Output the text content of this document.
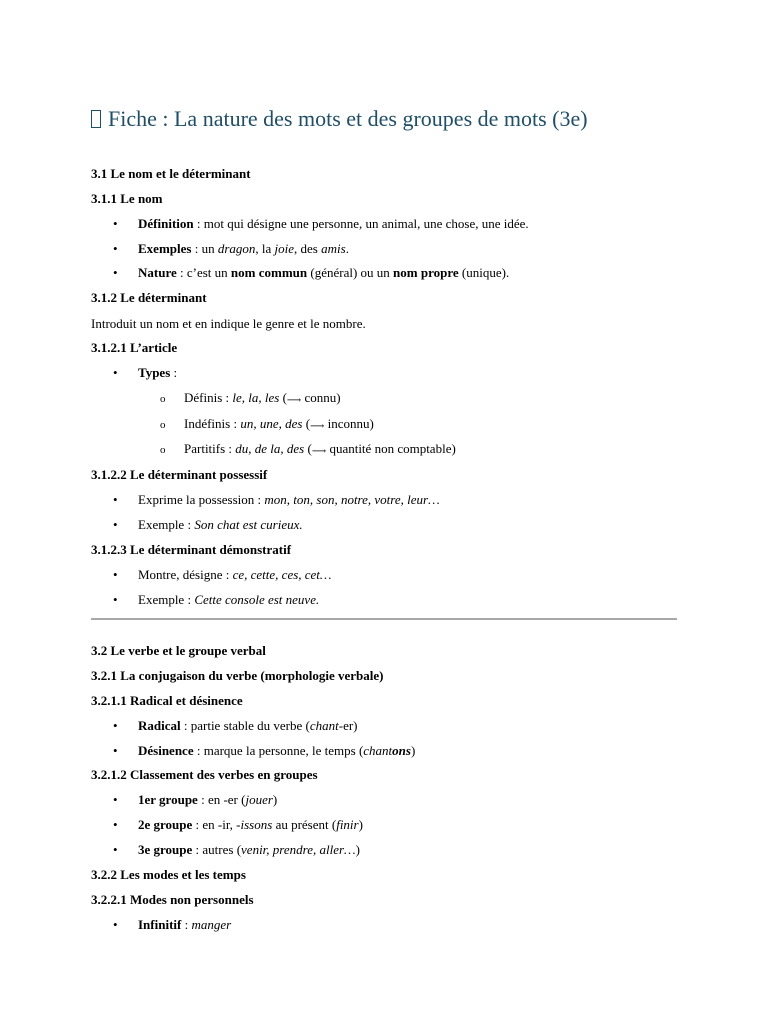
Fiche : La nature des mots et des groupes de mots (3e)
3.1 Le nom et le déterminant
3.1.1 Le nom
•Définition : mot qui désigne une personne, un animal, une chose, une idée.
•Exemples : un dragon, la joie, des amis.
•Nature : c’est un nom commun (général) ou un nom propre (unique).
3.1.2 Le déterminant
Introduit un nom et en indique le genre et le nombre.
3.1.2.1 L’article
•Types :
o Définis : le, la, les (⟶ connu)
o Indéfinis : un, une, des (⟶ inconnu)
o Partitifs : du, de la, des (⟶ quantité non comptable)
3.1.2.2 Le déterminant possessif
•Exprime la possession : mon, ton, son, notre, votre, leur…
•Exemple : Son chat est curieux.
3.1.2.3 Le déterminant démonstratif
•Montre, désigne : ce, cette, ces, cet…
•Exemple : Cette console est neuve.
3.2 Le verbe et le groupe verbal
3.2.1 La conjugaison du verbe (morphologie verbale)
3.2.1.1 Radical et désinence
•Radical : partie stable du verbe (chant-er)
•Désinence : marque la personne, le temps (chantons)
3.2.1.2 Classement des verbes en groupes
•1er groupe : en -er (jouer)
•2e groupe : en -ir, -issons au présent (finir)
•3e groupe : autres (venir, prendre, aller…)
3.2.2 Les modes et les temps
3.2.2.1 Modes non personnels
•Infinitif : manger
